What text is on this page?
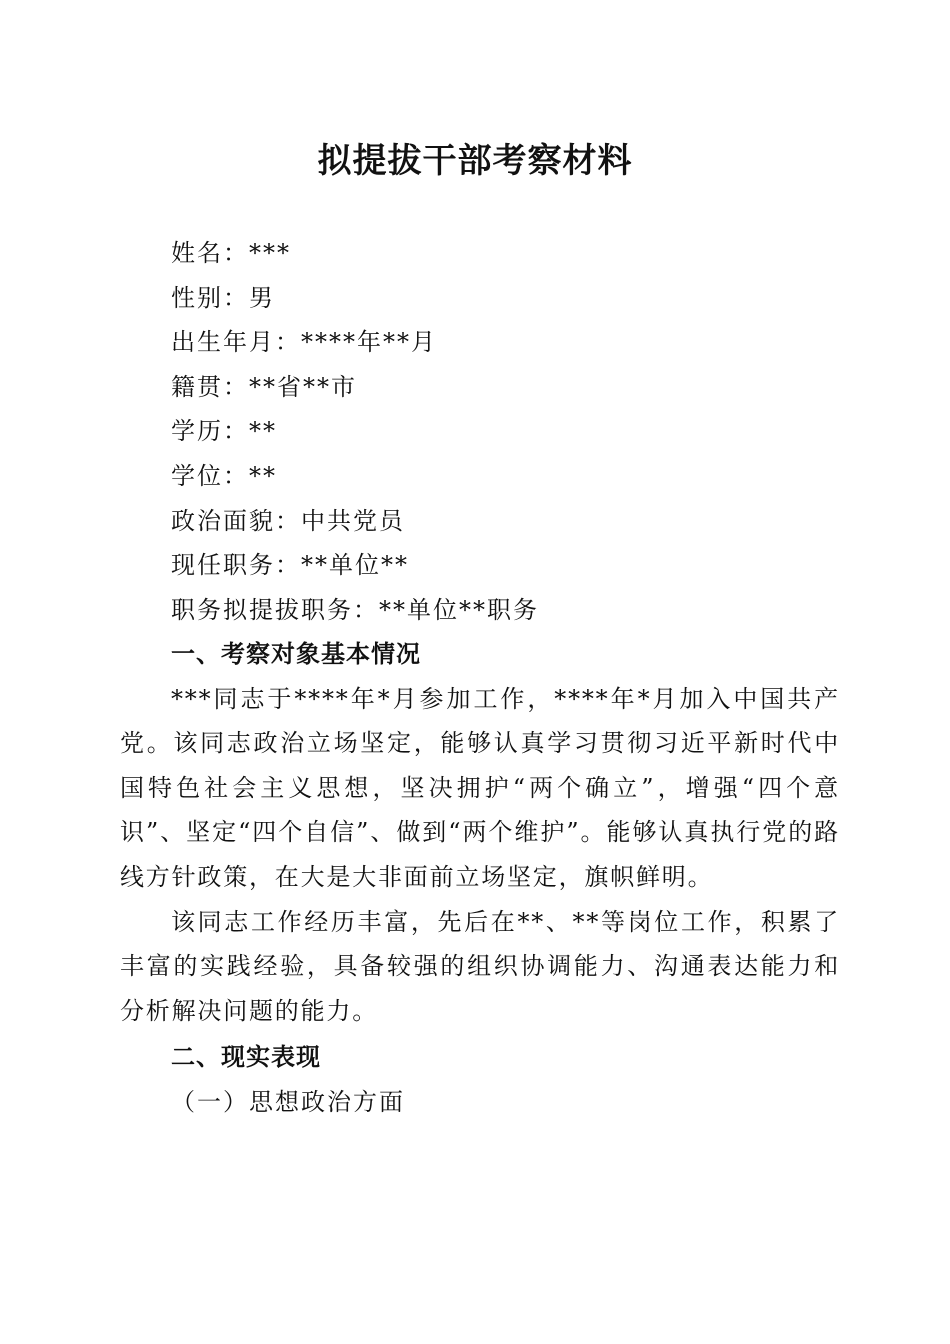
拟提拔干部考察材料
姓名：***
性别：男
出生年月：****年**月
籍贯：**省**市
学历：**
学位：**
政治面貌：中共党员
现任职务：**单位**
职务拟提拔职务：**单位**职务
一、考察对象基本情况

***同志于****年*月参加工作，****年*月加入中国共产党。该同志政治立场坚定，能够认真学习贯彻习近平新时代中国特色社会主义思想，坚决拥护“两个确立”，增强“四个意识”、坚定“四个自信”、做到“两个维护”。能够认真执行党的路线方针政策，在大是大非面前立场坚定，旗帜鲜明。

该同志工作经历丰富，先后在**、**等岗位工作，积累了丰富的实践经验，具备较强的组织协调能力、沟通表达能力和分析解决问题的能力。

二、现实表现
（一）思想政治方面
